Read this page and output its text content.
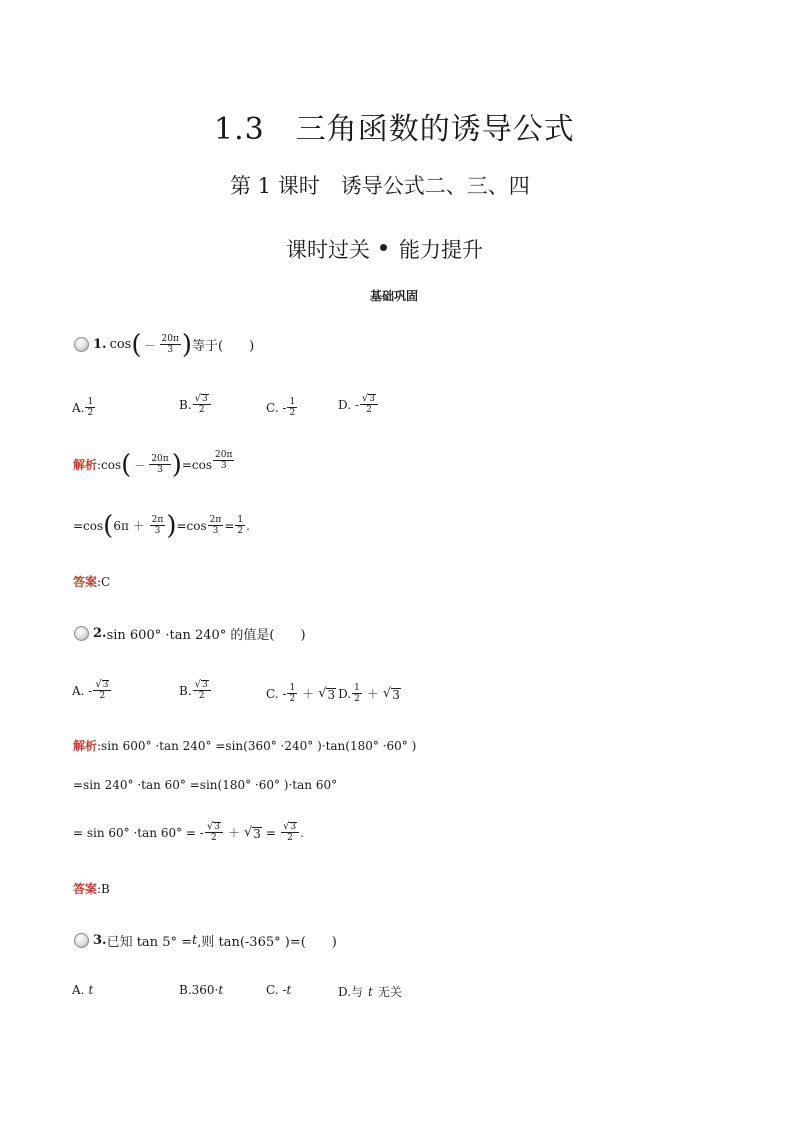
1.3　三角函数的诱导公式
第 1 课时　诱导公式二、三、四
课时过关 能力提升
基础巩固
1. cos ( － $\frac{20\pi}{3}$ ) 等于(　　)
A. $\frac{1}{2}$	B. $\frac{√ 3}{2}$	C. - $\frac{1}{2}$	D. - $\frac{√ 3}{2}$
解析 :cos ( － $\frac{20\pi}{3}$ ) $=\cos \frac{20\pi}{3}$
=cos ( $6\pi + \frac{2\pi}{3}$ ) $=\cos \frac{2\pi}{3} = \frac{1}{2}$ .
答案 :C
2. sin 600° ·tan 240° 的值是(　　)
A. - $\frac{√ 3}{2}$	B. $\frac{√ 3}{2}$	C. - $\frac{1}{2}$ ＋ √ 3 D. $\frac{1}{2}$ ＋ √ 3
解析 :sin 600° ·tan 240° =sin(360° ·240° )·tan(180° ·60° )
=sin 240° ·tan 60° =sin(180° ·60° )·tan 60°
= sin 60° ·tan 60° = - $\frac{√ 3}{2}$ ＋ √ $3 = \frac{√ 3}{2}$ .
答案 :B
3. 已知 tan 5° = t ,则 tan(-365° )=(　　)
A. t	B.360· t	C. - t	D.与 t 无关
